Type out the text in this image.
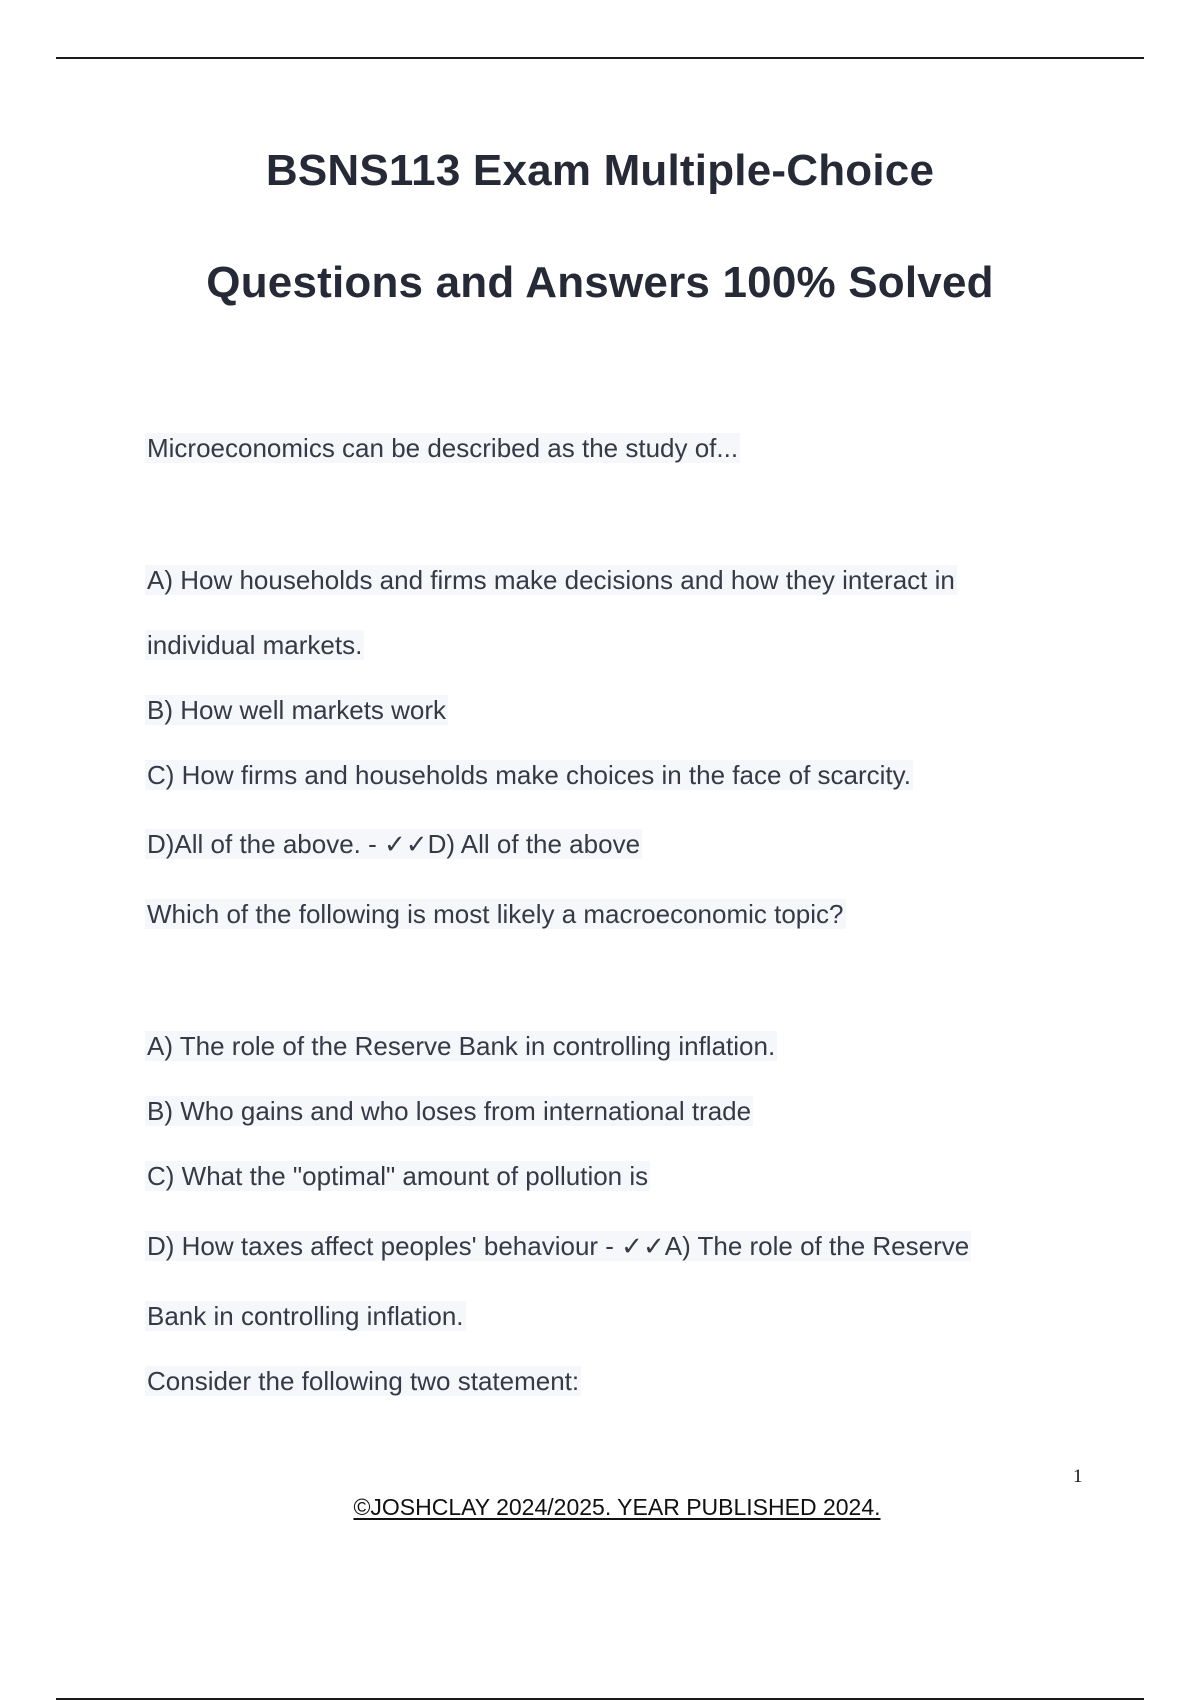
BSNS113 Exam Multiple-Choice
Questions and Answers 100% Solved
Microeconomics can be described as the study of...
A) How households and firms make decisions and how they interact in
individual markets.
B) How well markets work
C) How firms and households make choices in the face of scarcity.
D)All of the above. - ✓✓D) All of the above
Which of the following is most likely a macroeconomic topic?
A) The role of the Reserve Bank in controlling inflation.
B) Who gains and who loses from international trade
C) What the "optimal" amount of pollution is
D) How taxes affect peoples' behaviour - ✓✓A) The role of the Reserve
Bank in controlling inflation.
Consider the following two statement:
1
©JOSHCLAY 2024/2025. YEAR PUBLISHED 2024.
